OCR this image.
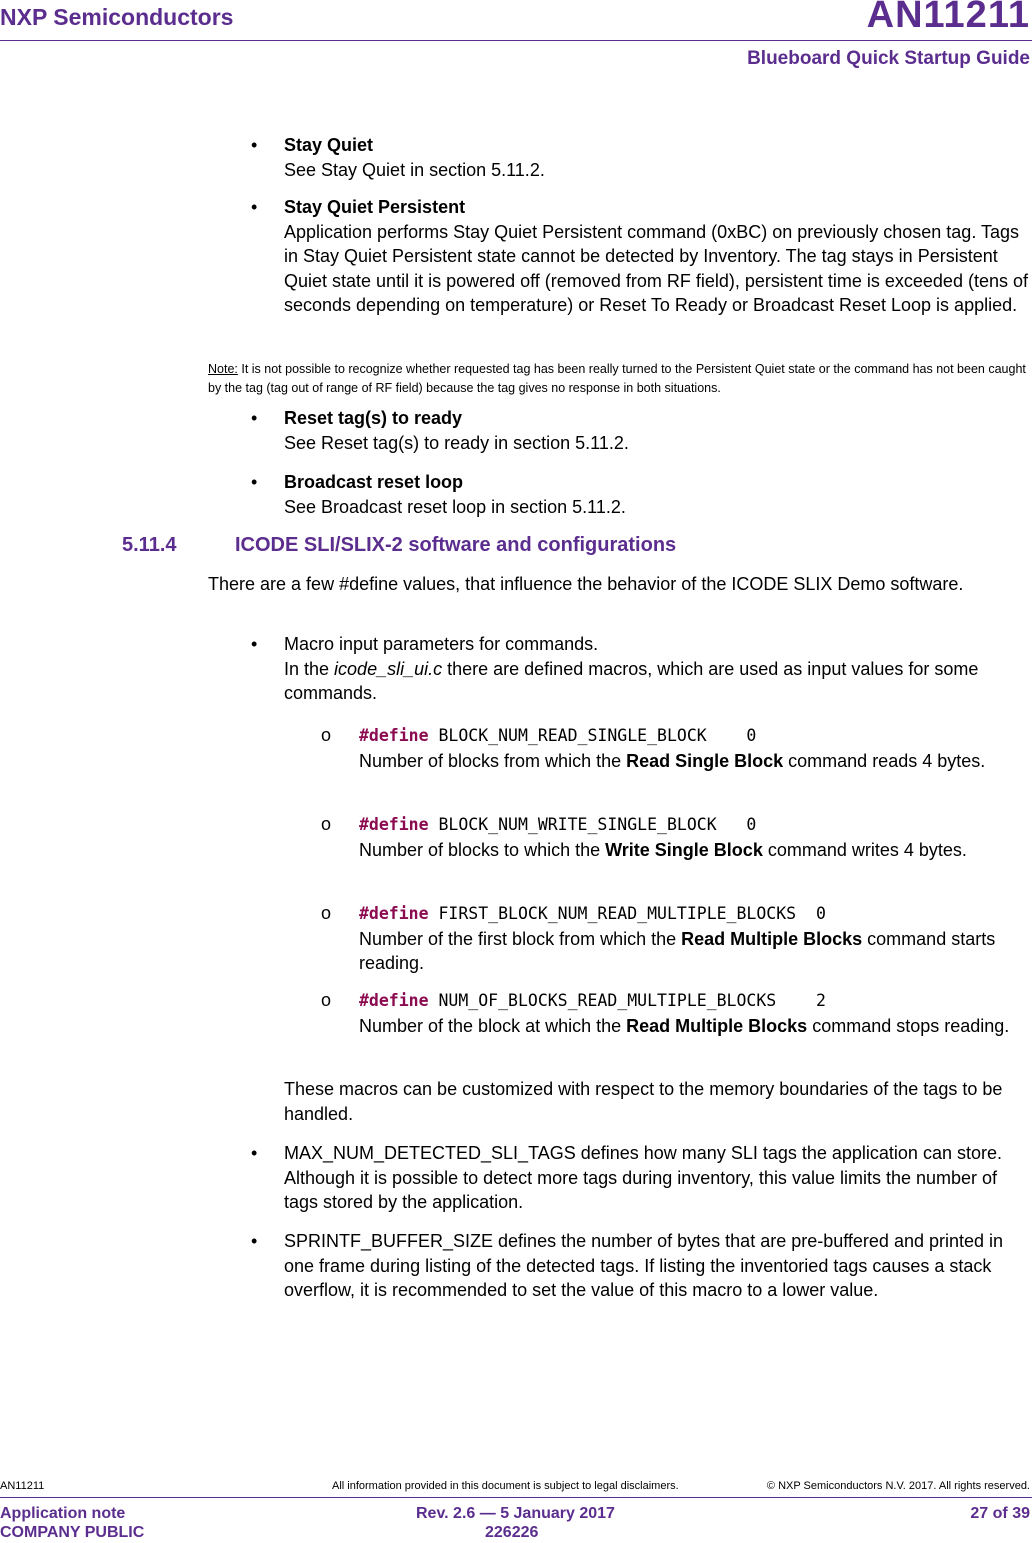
NXP Semiconductors	AN11211
Blueboard Quick Startup Guide
• Stay Quiet
See Stay Quiet in section 5.11.2.
• Stay Quiet Persistent
Application performs Stay Quiet Persistent command (0xBC) on previously chosen tag. Tags in Stay Quiet Persistent state cannot be detected by Inventory. The tag stays in Persistent Quiet state until it is powered off (removed from RF field), persistent time is exceeded (tens of seconds depending on temperature) or Reset To Ready or Broadcast Reset Loop is applied.
Note: It is not possible to recognize whether requested tag has been really turned to the Persistent Quiet state or the command has not been caught by the tag (tag out of range of RF field) because the tag gives no response in both situations.
• Reset tag(s) to ready
See Reset tag(s) to ready in section 5.11.2.
• Broadcast reset loop
See Broadcast reset loop in section 5.11.2.
5.11.4	ICODE SLI/SLIX-2 software and configurations
There are a few #define values, that influence the behavior of the ICODE SLIX Demo software.
• Macro input parameters for commands.
In the icode_sli_ui.c there are defined macros, which are used as input values for some commands.
o #define BLOCK_NUM_READ_SINGLE_BLOCK    0
Number of blocks from which the Read Single Block command reads 4 bytes.
o #define BLOCK_NUM_WRITE_SINGLE_BLOCK   0
Number of blocks to which the Write Single Block command writes 4 bytes.
o #define FIRST_BLOCK_NUM_READ_MULTIPLE_BLOCKS  0
Number of the first block from which the Read Multiple Blocks command starts reading.
o #define NUM_OF_BLOCKS_READ_MULTIPLE_BLOCKS    2
Number of the block at which the Read Multiple Blocks command stops reading.
These macros can be customized with respect to the memory boundaries of the tags to be handled.
• MAX_NUM_DETECTED_SLI_TAGS defines how many SLI tags the application can store. Although it is possible to detect more tags during inventory, this value limits the number of tags stored by the application.
• SPRINTF_BUFFER_SIZE defines the number of bytes that are pre-buffered and printed in one frame during listing of the detected tags. If listing the inventoried tags causes a stack overflow, it is recommended to set the value of this macro to a lower value.
AN11211	All information provided in this document is subject to legal disclaimers.	© NXP Semiconductors N.V. 2017. All rights reserved.
Application note
COMPANY PUBLIC
Rev. 2.6 — 5 January 2017
226226
27 of 39
